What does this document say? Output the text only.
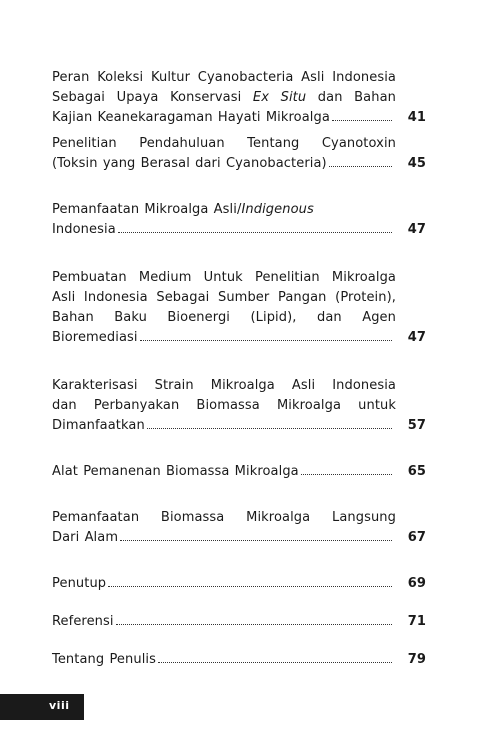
Peran Koleksi Kultur Cyanobacteria Asli Indonesia
Sebagai Upaya Konservasi Ex Situ dan Bahan
Kajian Keanekaragaman Hayati Mikroalga	41
Penelitian Pendahuluan Tentang Cyanotoxin
(Toksin yang Berasal dari Cyanobacteria)	45
Pemanfaatan Mikroalga Asli/Indigenous
Indonesia	47
Pembuatan Medium Untuk Penelitian Mikroalga
Asli Indonesia Sebagai Sumber Pangan (Protein),
Bahan Baku Bioenergi (Lipid), dan Agen
Bioremediasi	47
Karakterisasi Strain Mikroalga Asli Indonesia
dan Perbanyakan Biomassa Mikroalga untuk
Dimanfaatkan	57
Alat Pemanenan Biomassa Mikroalga	65
Pemanfaatan Biomassa Mikroalga Langsung
Dari Alam	67
Penutup	69
Referensi	71
Tentang Penulis	79
viii
